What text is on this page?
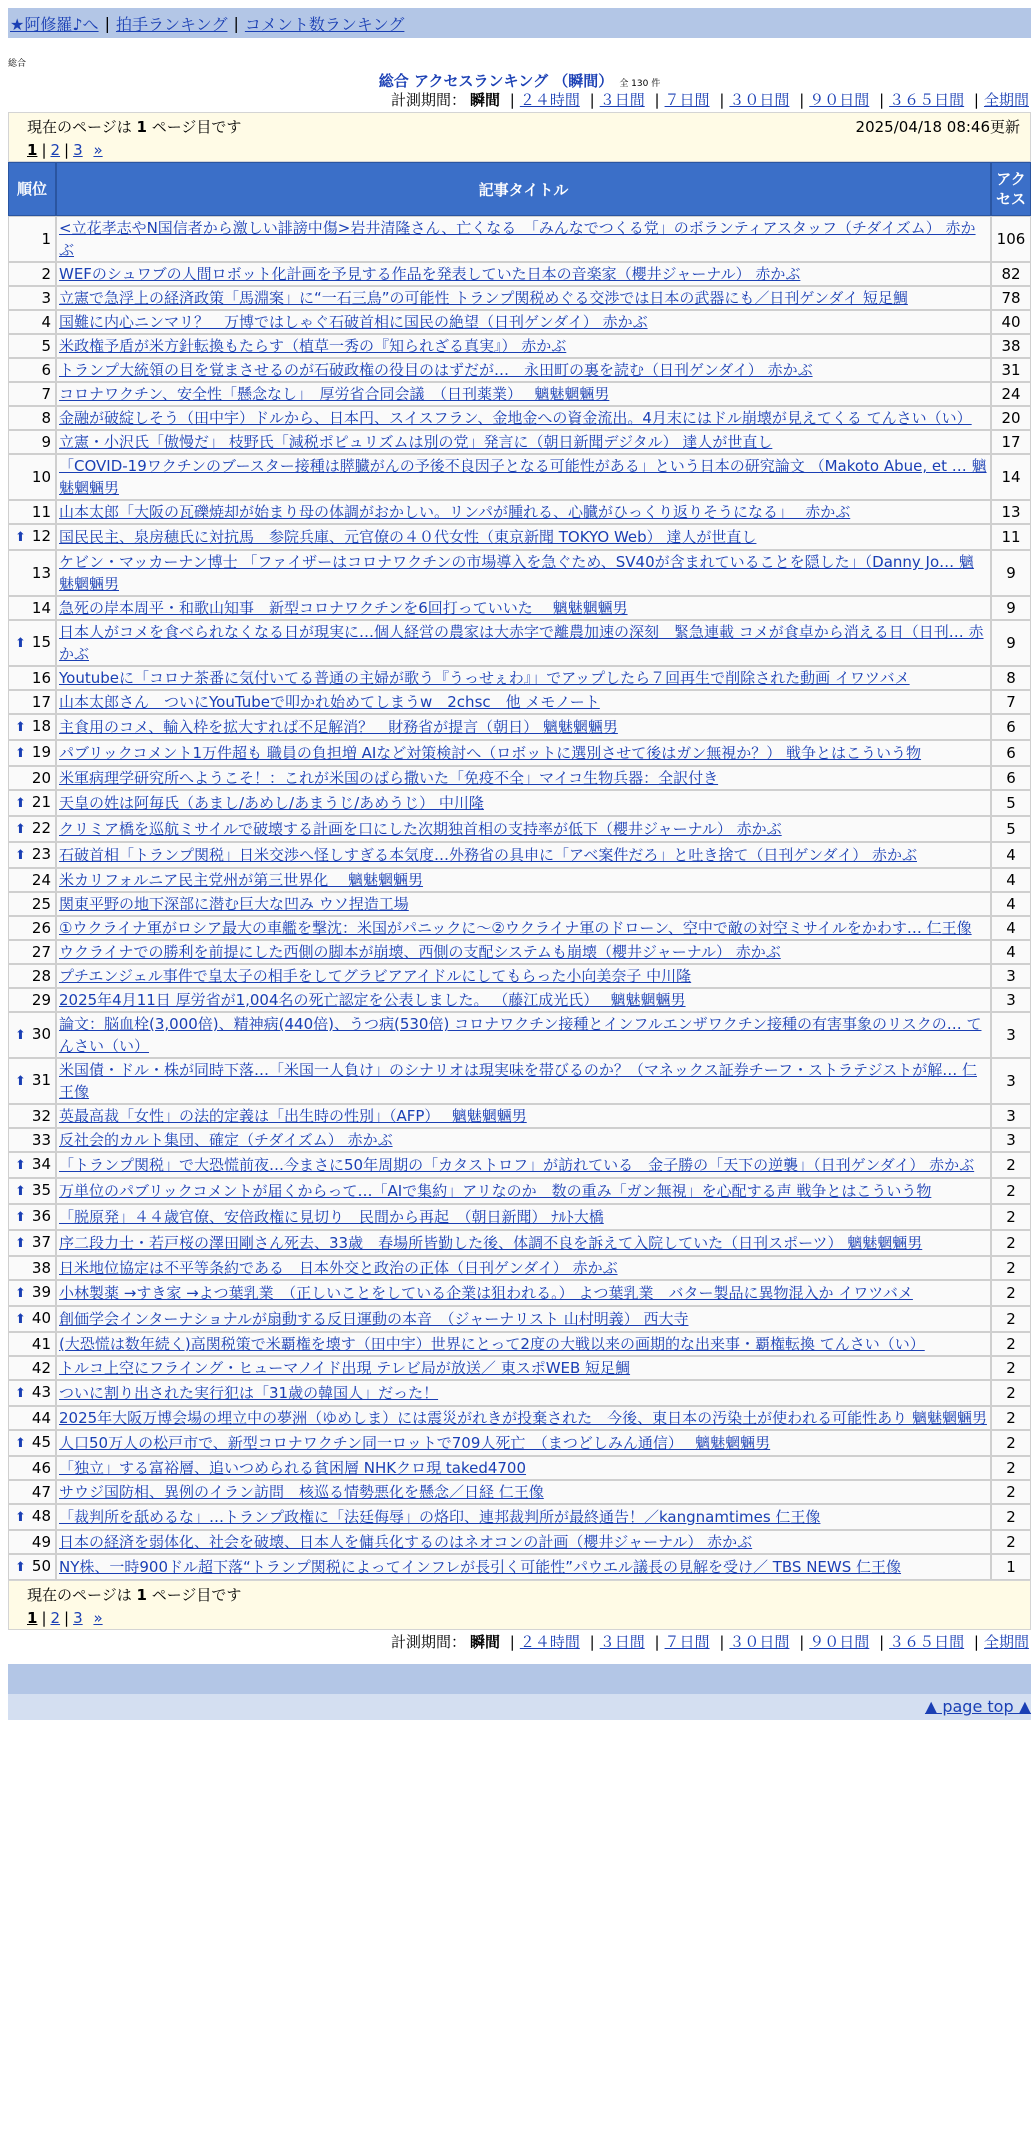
★阿修羅♪へ | 拍手ランキング | コメント数ランキング
総合
総合 アクセスランキング （瞬間） 全 130 件
計測期間： 瞬間 | ２４時間 | ３日間 | ７日間 | ３０日間 | ９０日間 | ３６５日間 | 全期間
現在のページは 1 ページ目です	2025/04/18 08:46更新
1 | 2 | 3 »
順位	記事タイトル	アクセス
1	<立花孝志やN国信者から激しい誹謗中傷>岩井清隆さん、亡くなる　「みんなでつくる党」のボランティアスタッフ（チダイズム） 赤かぶ	106
2	WEFのシュワブの人間ロボット化計画を予見する作品を発表していた日本の音楽家（櫻井ジャーナル） 赤かぶ	82
3	立憲で急浮上の経済政策「馬淵案」に“一石三鳥”の可能性 トランプ関税めぐる交渉では日本の武器にも／日刊ゲンダイ 短足鯛	78
4	国難に内心ニンマリ？　万博ではしゃぐ石破首相に国民の絶望（日刊ゲンダイ） 赤かぶ	40
5	米政権予盾が米方針転換もたらす（植草一秀の『知られざる真実』） 赤かぶ	38
6	トランプ大統領の目を覚まさせるのが石破政権の役目のはずだが…　永田町の裏を読む（日刊ゲンダイ） 赤かぶ	31
7	コロナワクチン、安全性「懸念なし」　厚労省合同会議　（日刊薬業）　 魑魅魍魎男	24
8	金融が破綻しそう（田中宇）ドルから、日本円、スイスフラン、金地金への資金流出。4月末にはドル崩壊が見えてくる てんさい（い）	20
9	立憲・小沢氏「傲慢だ」 枝野氏「減税ポピュリズムは別の党」発言に（朝日新聞デジタル） 達人が世直し	17
10	「COVID-19ワクチンのブースター接種は膵臓がんの予後不良因子となる可能性がある」という日本の研究論文 （Makoto Abue, et … 魑魅魍魎男	14
11	山本太郎「大阪の瓦礫焼却が始まり母の体調がおかしい。リンパが腫れる、心臓がひっくり返りそうになる」　 赤かぶ	13
⬆ 12	国民民主、泉房穂氏に対抗馬　参院兵庫、元官僚の４０代女性（東京新聞 TOKYO Web） 達人が世直し	11
13	ケビン・マッカーナン博士 「ファイザーはコロナワクチンの市場導入を急ぐため、SV40が含まれていることを隠した」（Danny Jo… 魑魅魍魎男	9
14	急死の岸本周平・和歌山知事　新型コロナワクチンを6回打っていいた　 魑魅魍魎男	9
⬆ 15	日本人がコメを食べられなくなる日が現実に…個人経営の農家は大赤字で離農加速の深刻　緊急連載 コメが食卓から消える日（日刊… 赤かぶ	9
16	Youtubeに「コロナ茶番に気付いてる普通の主婦が歌う『うっせぇわ』」でアップしたら７回再生で削除された動画 イワツバメ	8
17	山本太郎さん　ついにYouTubeで叩かれ始めてしまうw　2chsc　他 メモノート	7
⬆ 18	主食用のコメ、輸入枠を拡大すれば不足解消？　財務省が提言（朝日） 魑魅魍魎男	6
⬆ 19	パブリックコメント1万件超も 職員の負担増 AIなど対策検討へ（ロボットに選別させて後はガン無視か？） 戦争とはこういう物	6
20	米軍病理学研究所へようこそ！：これが米国のばら撒いた「免疫不全」マイコ生物兵器：全訳付き	6
⬆ 21	天皇の姓は阿毎氏（あまし/あめし/あまうじ/あめうじ） 中川隆	5
⬆ 22	クリミア橋を巡航ミサイルで破壊する計画を口にした次期独首相の支持率が低下（櫻井ジャーナル） 赤かぶ	5
⬆ 23	石破首相「トランプ関税」日米交渉へ怪しすぎる本気度…外務省の具申に「アベ案件だろ」と吐き捨て（日刊ゲンダイ） 赤かぶ	4
24	米カリフォルニア民主党州が第三世界化　 魑魅魍魎男	4
25	関東平野の地下深部に潜む巨大な凹み ウソ捏造工場	4
26	①ウクライナ軍がロシア最大の車艦を撃沈：米国がパニックに～②ウクライナ軍のドローン、空中で敵の対空ミサイルをかわす… 仁王像	4
27	ウクライナでの勝利を前提にした西側の脚本が崩壊、西側の支配システムも崩壊（櫻井ジャーナル） 赤かぶ	4
28	プチエンジェル事件で皇太子の相手をしてグラビアアイドルにしてもらった小向美奈子 中川隆	3
29	2025年4月11日 厚労省が1,004名の死亡認定を公表しました。 （藤江成光氏）　 魑魅魍魎男	3
⬆ 30	論文：脳血栓(3,000倍)、精神病(440倍)、うつ病(530倍) コロナワクチン接種とインフルエンザワクチン接種の有害事象のリスクの… てんさい（い）	3
⬆ 31	米国債・ドル・株が同時下落…「米国一人負け」のシナリオは現実味を帯びるのか？（マネックス証券チーフ・ストラテジストが解… 仁王像	3
32	英最高裁「女性」の法的定義は「出生時の性別」（AFP）　 魑魅魍魎男	3
33	反社会的カルト集団、確定（チダイズム） 赤かぶ	3
⬆ 34	「トランプ関税」で大恐慌前夜…今まさに50年周期の「カタストロフ」が訪れている　金子勝の「天下の逆襲」（日刊ゲンダイ） 赤かぶ	2
⬆ 35	万単位のパブリックコメントが届くからって…「AIで集約」アリなのか　数の重み「ガン無視」を心配する声 戦争とはこういう物	2
⬆ 36	「脱原発」４４歳官僚、安倍政権に見切り　民間から再起　（朝日新聞） ﾅﾙﾄ大橋	2
⬆ 37	序二段力士・若戸桜の澤田剛さん死去、33歳　春場所皆勤した後、体調不良を訴えて入院していた（日刊スポーツ） 魑魅魍魎男	2
38	日米地位協定は不平等条約である　日本外交と政治の正体（日刊ゲンダイ） 赤かぶ	2
⬆ 39	小林製薬 →すき家 →よつ葉乳業　（正しいことをしている企業は狙われる。） よつ葉乳業　バター製品に異物混入か イワツバメ	2
⬆ 40	創価学会インターナショナルが扇動する反日運動の本音　（ジャーナリスト 山村明義） 西大寺	2
41	(大恐慌は数年続く)高関税策で米覇権を壊す（田中宇）世界にとって2度の大戦以来の画期的な出来事・覇権転換 てんさい（い）	2
42	トルコ上空にフライング・ヒューマノイド出現 テレビ局が放送／ 東スポWEB 短足鯛	2
⬆ 43	ついに割り出された実行犯は「31歳の韓国人」だった！	2
44	2025年大阪万博会場の埋立中の夢洲（ゆめしま）には震災がれきが投棄された　今後、東日本の汚染土が使われる可能性あり 魑魅魍魎男	2
⬆ 45	人口50万人の松戸市で、新型コロナワクチン同一ロットで709人死亡　（まつどしみん通信）　 魑魅魍魎男	2
46	「独立」する富裕層、追いつめられる貧困層 NHKクロ現 taked4700	2
47	サウジ国防相、異例のイラン訪問　核巡る情勢悪化を懸念／日経 仁王像	2
⬆ 48	「裁判所を舐めるな」…トランプ政権に「法廷侮辱」の烙印、連邦裁判所が最終通告！／kangnamtimes 仁王像	2
49	日本の経済を弱体化、社会を破壊、日本人を傭兵化するのはネオコンの計画（櫻井ジャーナル） 赤かぶ	2
⬆ 50	NY株、一時900ドル超下落“トランプ関税によってインフレが長引く可能性”パウエル議長の見解を受け／ TBS NEWS 仁王像	1
現在のページは 1 ページ目です
1 | 2 | 3 »
計測期間： 瞬間 | ２４時間 | ３日間 | ７日間 | ３０日間 | ９０日間 | ３６５日間 | 全期間
▲ page top ▲
